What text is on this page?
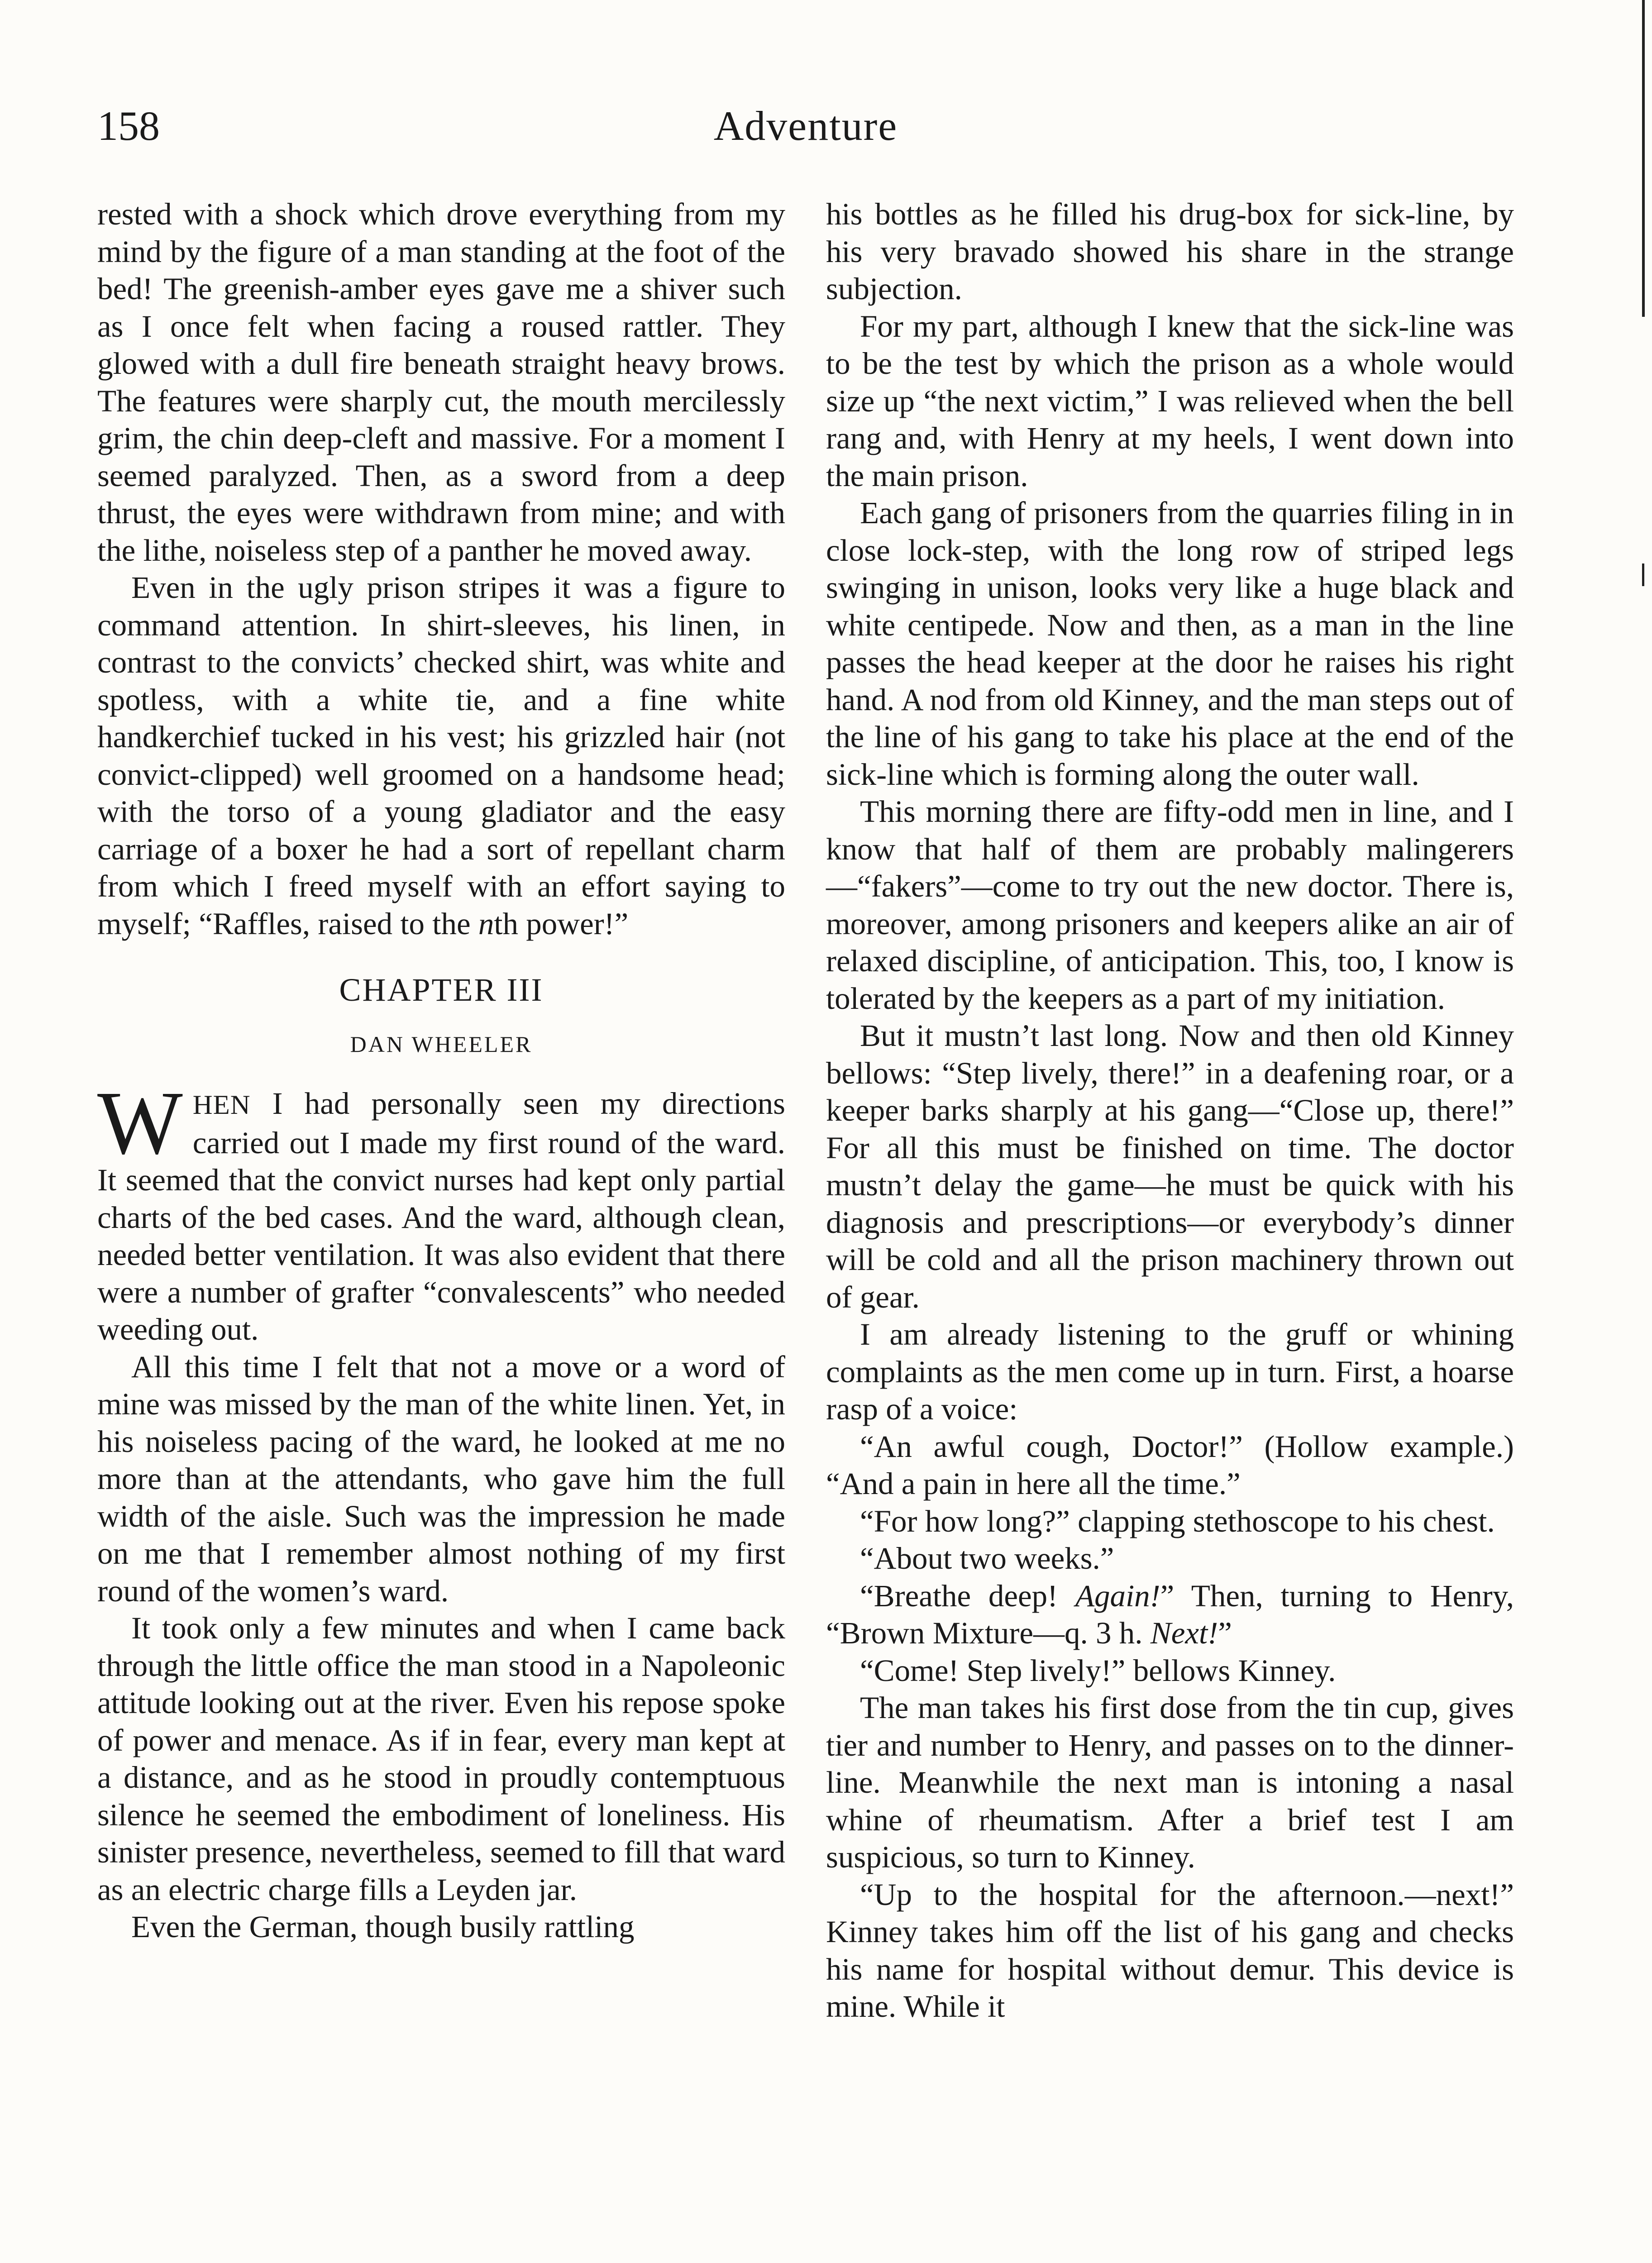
158	Adventure

rested with a shock which drove everything from my mind by the figure of a man standing at the foot of the bed! The greenish-amber eyes gave me a shiver such as I once felt when facing a roused rattler. They glowed with a dull fire beneath straight heavy brows. The features were sharply cut, the mouth mercilessly grim, the chin deep-cleft and massive. For a moment I seemed paralyzed. Then, as a sword from a deep thrust, the eyes were withdrawn from mine; and with the lithe, noiseless step of a panther he moved away.

Even in the ugly prison stripes it was a figure to command attention. In shirt-sleeves, his linen, in contrast to the convicts’ checked shirt, was white and spotless, with a white tie, and a fine white handkerchief tucked in his vest; his grizzled hair (not convict-clipped) well groomed on a handsome head; with the torso of a young gladiator and the easy carriage of a boxer he had a sort of repellant charm from which I freed myself with an effort saying to myself; “Raffles, raised to the nth power!”

CHAPTER III
DAN WHEELER

WHEN I had personally seen my directions carried out I made my first round of the ward. It seemed that the convict nurses had kept only partial charts of the bed cases. And the ward, although clean, needed better ventilation. It was also evident that there were a number of grafter “convalescents” who needed weeding out.

All this time I felt that not a move or a word of mine was missed by the man of the white linen. Yet, in his noiseless pacing of the ward, he looked at me no more than at the attendants, who gave him the full width of the aisle. Such was the impression he made on me that I remember almost nothing of my first round of the women’s ward.

It took only a few minutes and when I came back through the little office the man stood in a Napoleonic attitude looking out at the river. Even his repose spoke of power and menace. As if in fear, every man kept at a distance, and as he stood in proudly contemptuous silence he seemed the embodiment of loneliness. His sinister presence, nevertheless, seemed to fill that ward as an electric charge fills a Leyden jar.

Even the German, though busily rattling

his bottles as he filled his drug-box for sick-line, by his very bravado showed his share in the strange subjection.

For my part, although I knew that the sick-line was to be the test by which the prison as a whole would size up “the next victim,” I was relieved when the bell rang and, with Henry at my heels, I went down into the main prison.

Each gang of prisoners from the quarries filing in in close lock-step, with the long row of striped legs swinging in unison, looks very like a huge black and white centipede. Now and then, as a man in the line passes the head keeper at the door he raises his right hand. A nod from old Kinney, and the man steps out of the line of his gang to take his place at the end of the sick-line which is forming along the outer wall.

This morning there are fifty-odd men in line, and I know that half of them are probably malingerers—“fakers”—come to try out the new doctor. There is, moreover, among prisoners and keepers alike an air of relaxed discipline, of anticipation. This, too, I know is tolerated by the keepers as a part of my initiation.

But it mustn’t last long. Now and then old Kinney bellows: “Step lively, there!” in a deafening roar, or a keeper barks sharply at his gang—“Close up, there!” For all this must be finished on time. The doctor mustn’t delay the game—he must be quick with his diagnosis and prescriptions—or everybody’s dinner will be cold and all the prison machinery thrown out of gear.

I am already listening to the gruff or whining complaints as the men come up in turn. First, a hoarse rasp of a voice:

“An awful cough, Doctor!” (Hollow example.) “And a pain in here all the time.”

“For how long?” clapping stethoscope to his chest.

“About two weeks.”

“Breathe deep! Again!” Then, turning to Henry, “Brown Mixture—q. 3 h. Next!”

“Come! Step lively!” bellows Kinney.

The man takes his first dose from the tin cup, gives tier and number to Henry, and passes on to the dinner-line. Meanwhile the next man is intoning a nasal whine of rheumatism. After a brief test I am suspicious, so turn to Kinney.

“Up to the hospital for the afternoon.—next!” Kinney takes him off the list of his gang and checks his name for hospital without demur. This device is mine. While it
